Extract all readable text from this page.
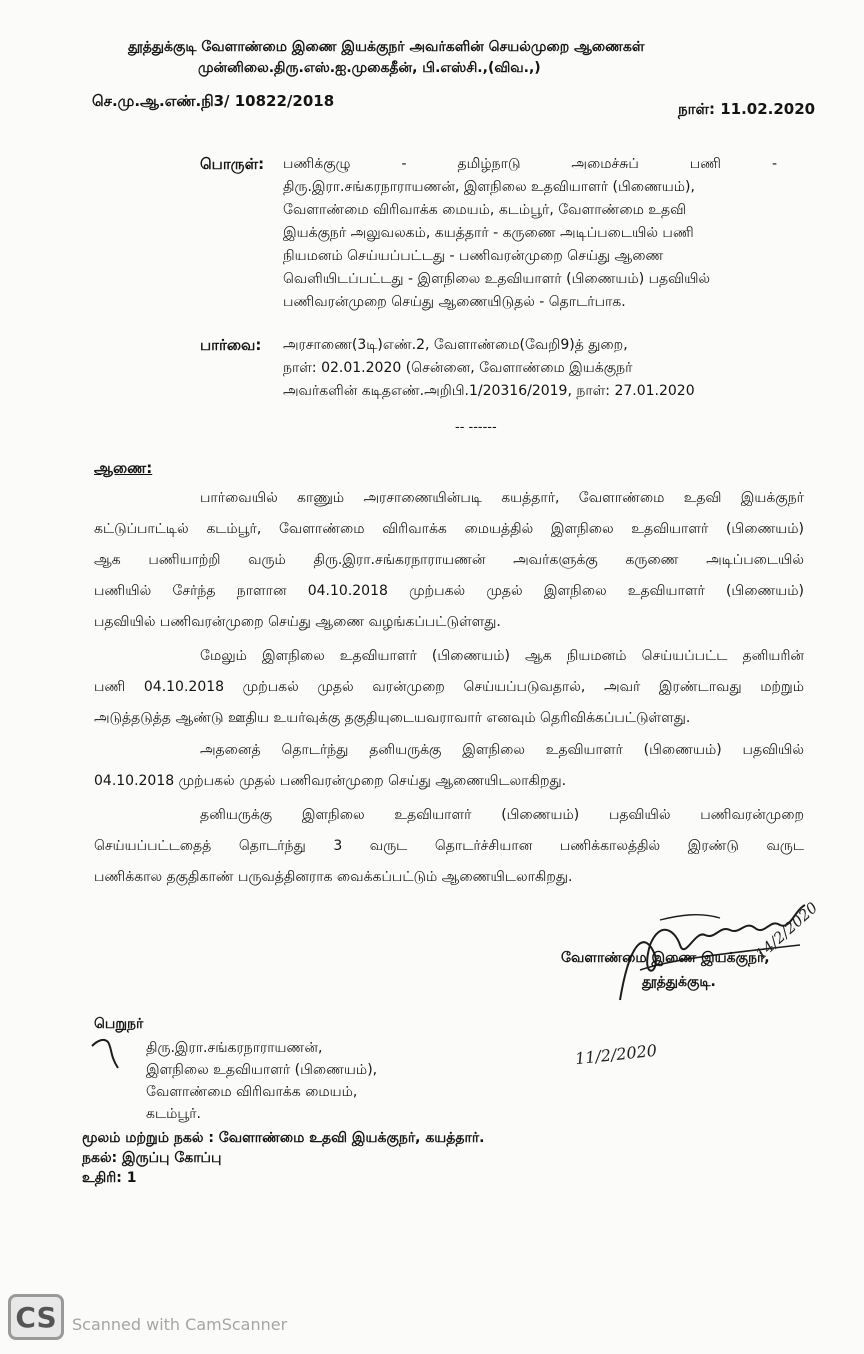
தூத்துக்குடி வேளாண்மை இணை இயக்குநர் அவர்களின் செயல்முறை ஆணைகள்
முன்னிலை.திரு.எஸ்.ஐ.முகைதீன், பி.எஸ்சி.,(விவ.,)
செ.மு.ஆ.எண்.நி3/ 10822/2018	நாள்: 11.02.2020
பொருள்: பணிக்குழு	-	தமிழ்நாடு	அமைச்சுப்	பணி	-
திரு.இரா.சங்கரநாராயணன், இளநிலை உதவியாளர் (பிணையம்),
வேளாண்மை விரிவாக்க மையம், கடம்பூர், வேளாண்மை உதவி
இயக்குநர் அலுவலகம், கயத்தார் - கருணை அடிப்படையில் பணி
நியமனம் செய்யப்பட்டது - பணிவரன்முறை செய்து ஆணை
வெளியிடப்பட்டது - இளநிலை உதவியாளர் (பிணையம்) பதவியில்
பணிவரன்முறை செய்து ஆணையிடுதல் - தொடர்பாக.
பார்வை: அரசாணை(3டி)எண்.2, வேளாண்மை(வேறி9)த் துறை,
நாள்: 02.01.2020 (சென்னை, வேளாண்மை இயக்குநர்
அவர்களின் கடிதஎண்.அறிபி.1/20316/2019, நாள்: 27.01.2020
-- ------
ஆணை:
பார்வையில் காணும் அரசாணையின்படி கயத்தார், வேளாண்மை உதவி இயக்குநர்
கட்டுப்பாட்டில் கடம்பூர், வேளாண்மை விரிவாக்க மையத்தில் இளநிலை உதவியாளர் (பிணையம்)
ஆக பணியாற்றி வரும் திரு.இரா.சங்கரநாராயணன் அவர்களுக்கு கருணை அடிப்படையில்
பணியில் சேர்ந்த நாளான 04.10.2018 முற்பகல் முதல் இளநிலை உதவியாளர் (பிணையம்)
பதவியில் பணிவரன்முறை செய்து ஆணை வழங்கப்பட்டுள்ளது.
மேலும் இளநிலை உதவியாளர் (பிணையம்) ஆக நியமனம் செய்யப்பட்ட தனியரின்
பணி 04.10.2018 முற்பகல் முதல் வரன்முறை செய்யப்படுவதால், அவர் இரண்டாவது மற்றும்
அடுத்தடுத்த ஆண்டு ஊதிய உயர்வுக்கு தகுதியுடையவராவார் எனவும் தெரிவிக்கப்பட்டுள்ளது.
அதனைத் தொடர்ந்து தனியருக்கு இளநிலை உதவியாளர் (பிணையம்) பதவியில்
04.10.2018 முற்பகல் முதல் பணிவரன்முறை செய்து ஆணையிடலாகிறது.
தனியருக்கு இளநிலை உதவியாளர் (பிணையம்) பதவியில் பணிவரன்முறை
செய்யப்பட்டதைத் தொடர்ந்து 3 வருட தொடர்ச்சியான பணிக்காலத்தில் இரண்டு வருட
பணிக்கால தகுதிகாண் பருவத்தினராக வைக்கப்பட்டும் ஆணையிடலாகிறது.
வேளாண்மை இணை இயக்குநர்,
தூத்துக்குடி.
14/2/2020
பெறுநர்
திரு.இரா.சங்கரநாராயணன்,
இளநிலை உதவியாளர் (பிணையம்),
வேளாண்மை விரிவாக்க மையம்,
கடம்பூர்.
11/2/2020
மூலம் மற்றும் நகல் : வேளாண்மை உதவி இயக்குநர், கயத்தார்.
நகல்: இருப்பு கோப்பு
உதிரி: 1
CS Scanned with CamScanner
